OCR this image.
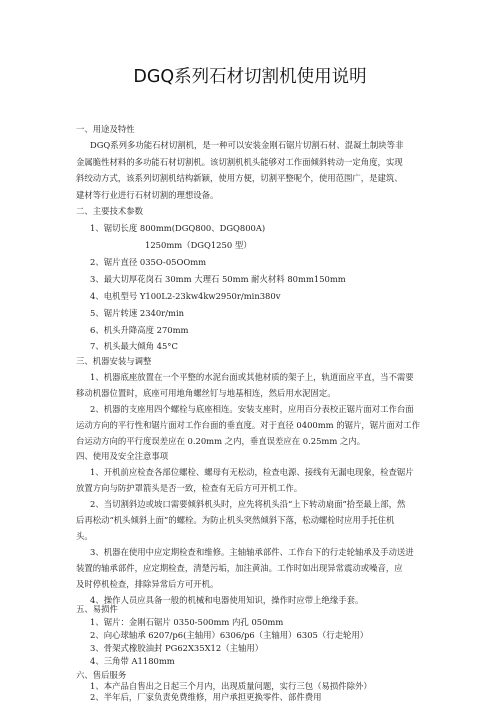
DGQ系列石材切割机使用说明
一、用途及特性
DGQ系列多功能石材切割机，是一种可以安装金刚石锯片切割石材、混凝土制块等非
金属脆性材料的多功能石材切割机。该切割机机头能够对工作面倾斜转动一定角度，实现
斜绞动方式，该系列切割机结构新颖，使用方便，切割平整呢个，使用范围广，是建筑、
建材等行业进行石材切割的理想设备。
二、主要技术参数
1、锯切长度 800mm(DGQ800、DGQ800A)
1250mm（DGQ1250 型）
2、锯片直径 035O-05OOmm
3、最大切厚花岗石 30mm 大理石 50mm 耐火材料 80mm150mm
4、电机型号 Y100L2-23kw4kw2950r/min380v
5、锯片转速 2340r/min
6、机头升降高度 270mm
7、机头最大倾角 45°C
三、机器安装与调整
1、机器底座放置在一个平整的水泥台面或其他材质的架子上，轨道面应平直，当不需要
移动机器位置时，底座可用地角螺丝钉与地基相连，然后用水泥固定。
2、机器的支座用四个螺栓与底座相连。安装支座时，应用百分表校正锯片面对工作台面
运动方向的平行性和锯片面对工作台面的垂直度。对于直径 0400mm 的锯片，锯片面对工作
台运动方向的平行度误差应在 0.20mm 之内，垂直误差应在 0.25mm 之内。
四、使用及安全注意事项
1、开机前应检查各部位螺栓、螺母有无松动，检查电源、接线有无漏电现象，检查锯片
放置方向与防护罩箭头是否一致，检查有无后方可开机工作。
2、当切割斜边或坡口需要倾斜机头时，应先将机头沿“上下转动扇面”拾至最上部，然
后再松动“机头倾斜上面”的螺栓。为防止机头突然倾斜下落，松动螺栓时应用手托住机
头。
3、机器在使用中应定期检查和维修。主轴轴承部件、工作台下的行走轮轴承及手动送进
装置的轴承部件，应定期检查，清楚污垢，加注黄油。工作时如出现异常震动或噪音，应
及时停机检查，排除异常后方可开机。
4、操作人员应具备一般的机械和电器使用知识，操作时应带上绝缘手套。
五、易损件
1、锯片：金刚石锯片 0350-500mm 内孔 050mm
2、向心球轴承 6207/p6(主轴用）6306/p6（主轴用）6305（行走轮用）
3、骨架式橡胶油封 PG62X35X12（主轴用）
4、三角带 A1180mm
六、售后服务
1、本产品自售出之日起三个月内，出现质量问题，实行三包（易损件除外）
2、半年后，厂家负责免费维修，用户承担更换零件、部件费用
